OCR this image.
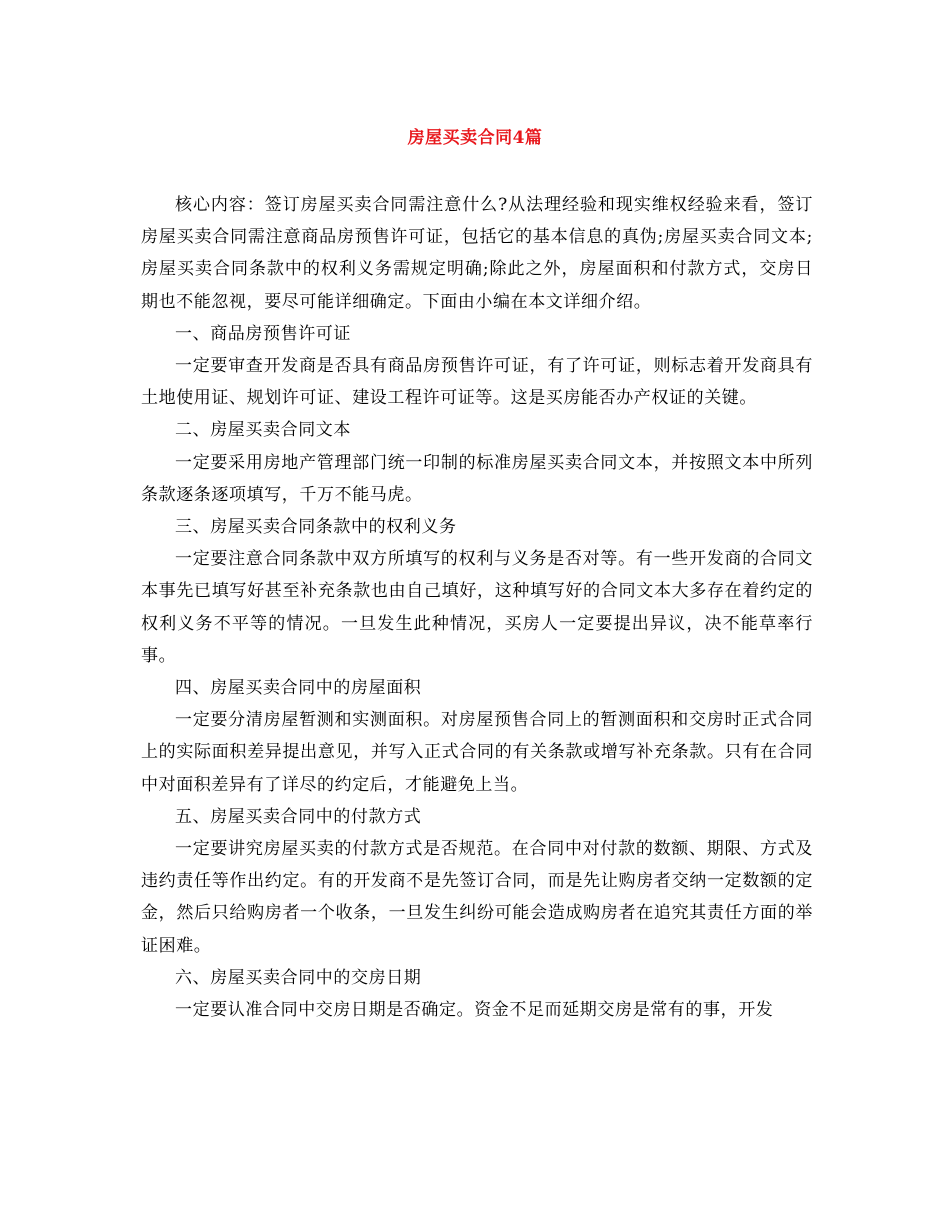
房屋买卖合同4篇

核心内容：签订房屋买卖合同需注意什么?从法理经验和现实维权经验来看，签订房屋买卖合同需注意商品房预售许可证，包括它的基本信息的真伪;房屋买卖合同文本;房屋买卖合同条款中的权利义务需规定明确;除此之外，房屋面积和付款方式，交房日期也不能忽视，要尽可能详细确定。下面由小编在本文详细介绍。

一、商品房预售许可证

一定要审查开发商是否具有商品房预售许可证，有了许可证，则标志着开发商具有土地使用证、规划许可证、建设工程许可证等。这是买房能否办产权证的关键。

二、房屋买卖合同文本

一定要采用房地产管理部门统一印制的标准房屋买卖合同文本，并按照文本中所列条款逐条逐项填写，千万不能马虎。

三、房屋买卖合同条款中的权利义务

一定要注意合同条款中双方所填写的权利与义务是否对等。有一些开发商的合同文本事先已填写好甚至补充条款也由自己填好，这种填写好的合同文本大多存在着约定的权利义务不平等的情况。一旦发生此种情况，买房人一定要提出异议，决不能草率行事。

四、房屋买卖合同中的房屋面积

一定要分清房屋暂测和实测面积。对房屋预售合同上的暂测面积和交房时正式合同上的实际面积差异提出意见，并写入正式合同的有关条款或增写补充条款。只有在合同中对面积差异有了详尽的约定后，才能避免上当。

五、房屋买卖合同中的付款方式

一定要讲究房屋买卖的付款方式是否规范。在合同中对付款的数额、期限、方式及违约责任等作出约定。有的开发商不是先签订合同，而是先让购房者交纳一定数额的定金，然后只给购房者一个收条，一旦发生纠纷可能会造成购房者在追究其责任方面的举证困难。

六、房屋买卖合同中的交房日期

一定要认准合同中交房日期是否确定。资金不足而延期交房是常有的事，开发
